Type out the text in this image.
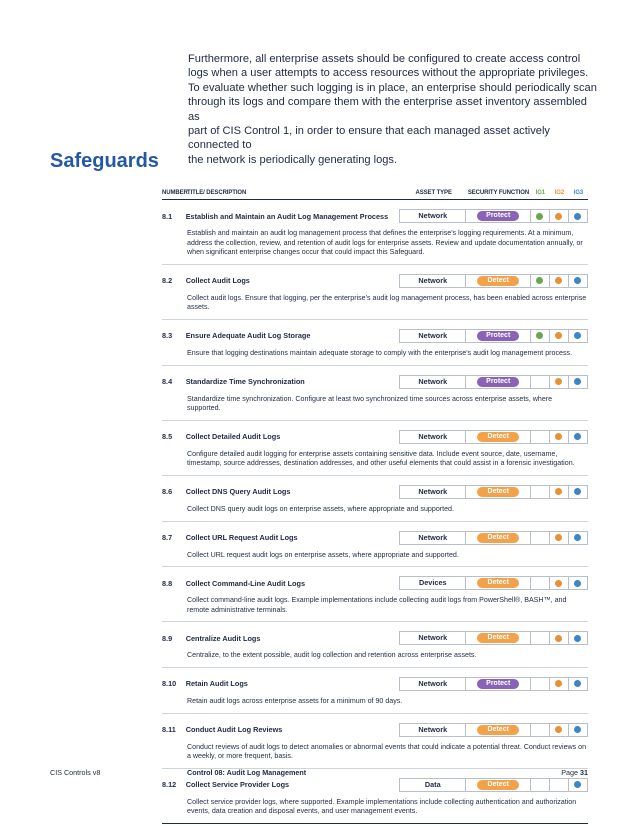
Furthermore, all enterprise assets should be configured to create access control

logs when a user attempts to access resources without the appropriate privileges.

To evaluate whether such logging is in place, an enterprise should periodically scan

through its logs and compare them with the enterprise asset inventory assembled as

part of CIS Control 1, in order to ensure that each managed asset actively connected to

the network is periodically generating logs.

Safeguards
NUMBER TITLE/ DESCRIPTION	ASSET TYPE	SECURITY FUNCTION	IG1	IG2	IG3
8.1	Establish and Maintain an Audit Log Management Process	Network	Protect
Establish and maintain an audit log management process that defines the enterprise's logging requirements. At a minimum, address the collection, review, and retention of audit logs for enterprise assets. Review and update documentation annually, or when significant enterprise changes occur that could impact this Safeguard.
8.2	Collect Audit Logs	Network	Detect
Collect audit logs. Ensure that logging, per the enterprise's audit log management process, has been enabled across enterprise assets.
8.3	Ensure Adequate Audit Log Storage	Network	Protect
Ensure that logging destinations maintain adequate storage to comply with the enterprise's audit log management process.
8.4	Standardize Time Synchronization	Network	Protect
Standardize time synchronization. Configure at least two synchronized time sources across enterprise assets, where supported.
8.5	Collect Detailed Audit Logs	Network	Detect
Configure detailed audit logging for enterprise assets containing sensitive data. Include event source, date, username, timestamp, source addresses, destination addresses, and other useful elements that could assist in a forensic investigation.
8.6	Collect DNS Query Audit Logs	Network	Detect
Collect DNS query audit logs on enterprise assets, where appropriate and supported.
8.7	Collect URL Request Audit Logs	Network	Detect
Collect URL request audit logs on enterprise assets, where appropriate and supported.
8.8	Collect Command-Line Audit Logs	Devices	Detect
Collect command-line audit logs. Example implementations include collecting audit logs from PowerShell®, BASH™, and remote administrative terminals.
8.9	Centralize Audit Logs	Network	Detect
Centralize, to the extent possible, audit log collection and retention across enterprise assets.
8.10	Retain Audit Logs	Network	Protect
Retain audit logs across enterprise assets for a minimum of 90 days.
8.11	Conduct Audit Log Reviews	Network	Detect
Conduct reviews of audit logs to detect anomalies or abnormal events that could indicate a potential threat. Conduct reviews on a weekly, or more frequent, basis.
8.12	Collect Service Provider Logs	Data	Detect
Collect service provider logs, where supported. Example implementations include collecting authentication and authorization events, data creation and disposal events, and user management events.
CIS Controls v8	Control 08: Audit Log Management	Page 31
